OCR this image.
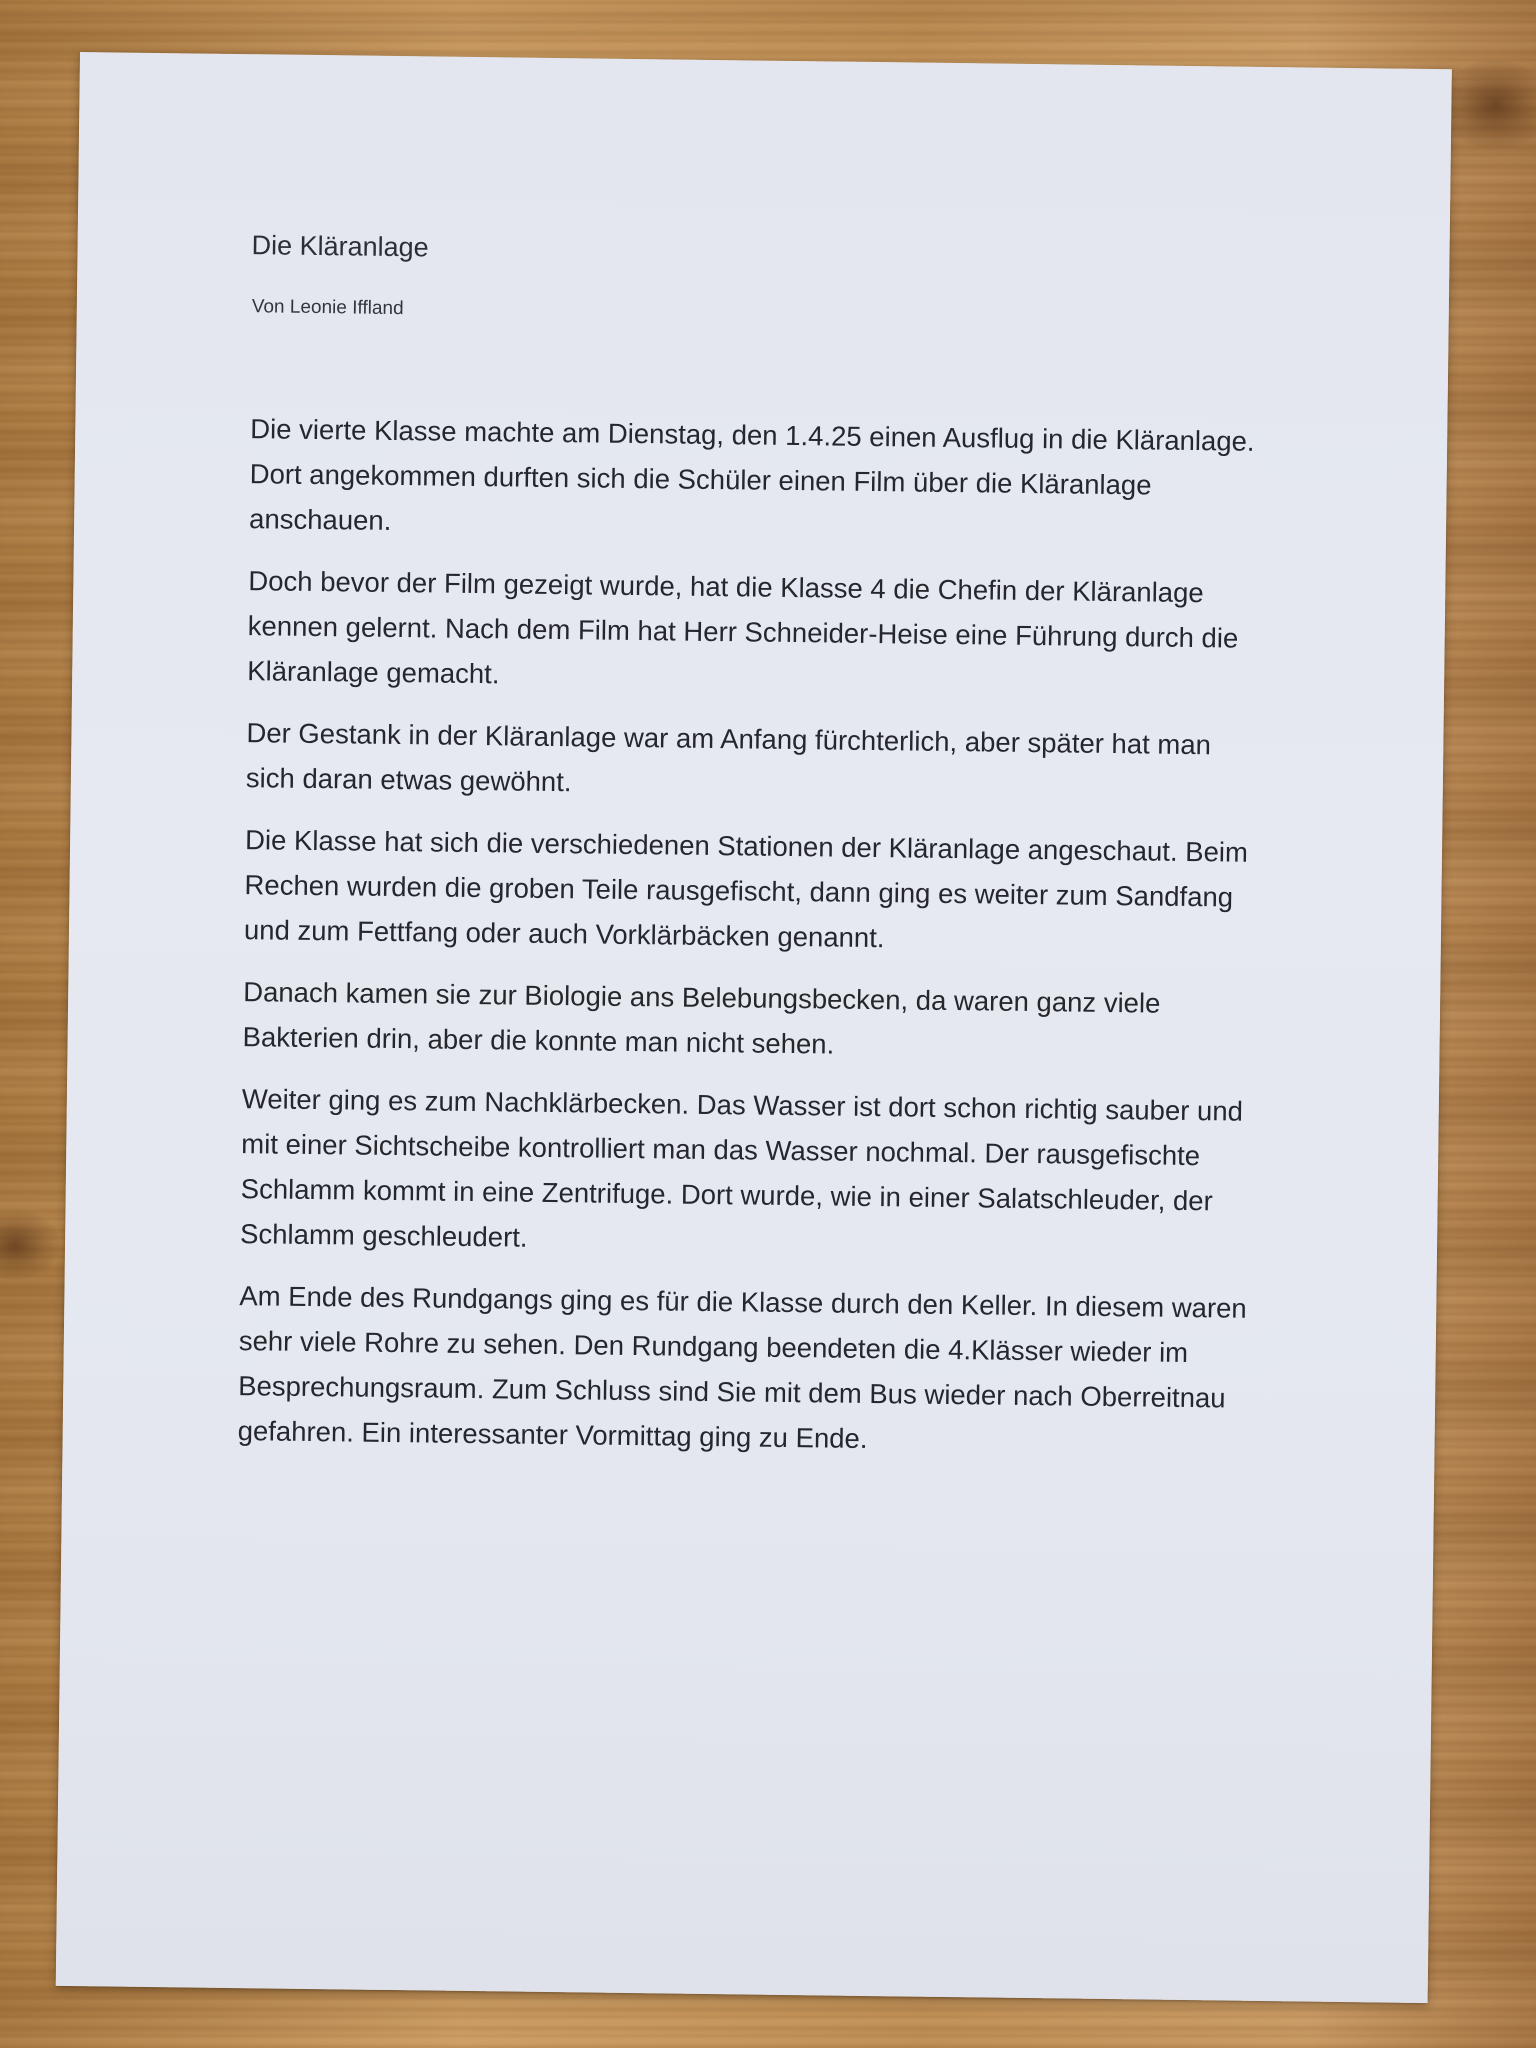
Die Kläranlage
Von Leonie Iffland

Die vierte Klasse machte am Dienstag, den 1.4.25 einen Ausflug in die Kläranlage. Dort angekommen durften sich die Schüler einen Film über die Kläranlage anschauen.

Doch bevor der Film gezeigt wurde, hat die Klasse 4 die Chefin der Kläranlage kennen gelernt. Nach dem Film hat Herr Schneider-Heise eine Führung durch die Kläranlage gemacht.

Der Gestank in der Kläranlage war am Anfang fürchterlich, aber später hat man sich daran etwas gewöhnt.

Die Klasse hat sich die verschiedenen Stationen der Kläranlage angeschaut. Beim Rechen wurden die groben Teile rausgefischt, dann ging es weiter zum Sandfang und zum Fettfang oder auch Vorklärbäcken genannt.

Danach kamen sie zur Biologie ans Belebungsbecken, da waren ganz viele Bakterien drin, aber die konnte man nicht sehen.

Weiter ging es zum Nachklärbecken. Das Wasser ist dort schon richtig sauber und mit einer Sichtscheibe kontrolliert man das Wasser nochmal. Der rausgefischte Schlamm kommt in eine Zentrifuge. Dort wurde, wie in einer Salatschleuder, der Schlamm geschleudert.

Am Ende des Rundgangs ging es für die Klasse durch den Keller. In diesem waren sehr viele Rohre zu sehen. Den Rundgang beendeten die 4.Klässer wieder im Besprechungsraum. Zum Schluss sind Sie mit dem Bus wieder nach Oberreitnau gefahren. Ein interessanter Vormittag ging zu Ende.
